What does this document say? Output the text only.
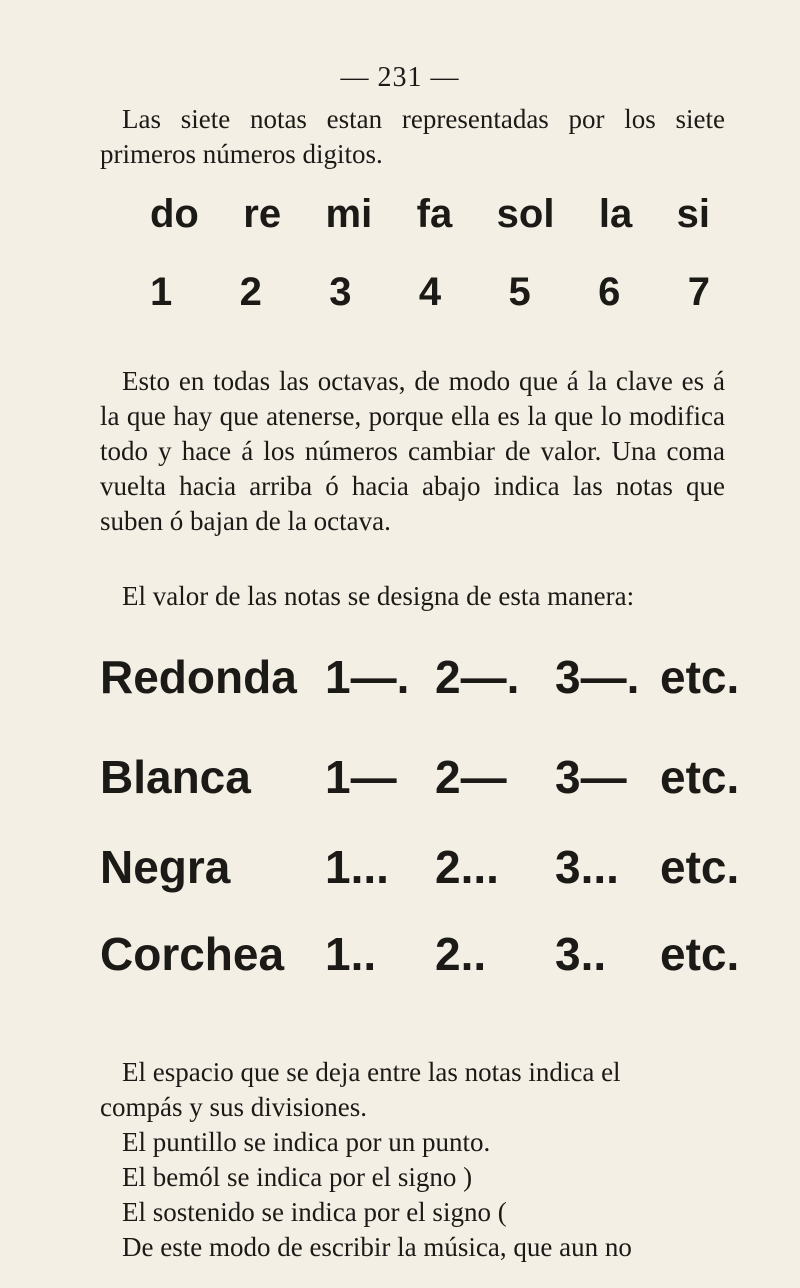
— 231 —
Las siete notas estan representadas por los siete primeros números digitos.
do re mi fa sol la si
1 2 3 4 5 6 7
Esto en todas las octavas, de modo que á la clave es á la que hay que atenerse, porque ella es la que lo modifica todo y hace á los números cambiar de valor. Una coma vuelta hacia arriba ó hacia abajo indica las notas que suben ó bajan de la octava.
El valor de las notas se designa de esta manera:
Redonda 1—. 2—. 3—. etc.
Blanca 1— 2— 3— etc.
Negra 1... 2... 3... etc.
Corchea 1.. 2.. 3.. etc.
El espacio que se deja entre las notas indica el
compás y sus divisiones.
El puntillo se indica por un punto.
El bemól se indica por el signo )
El sostenido se indica por el signo (
De este modo de escribir la música, que aun no
